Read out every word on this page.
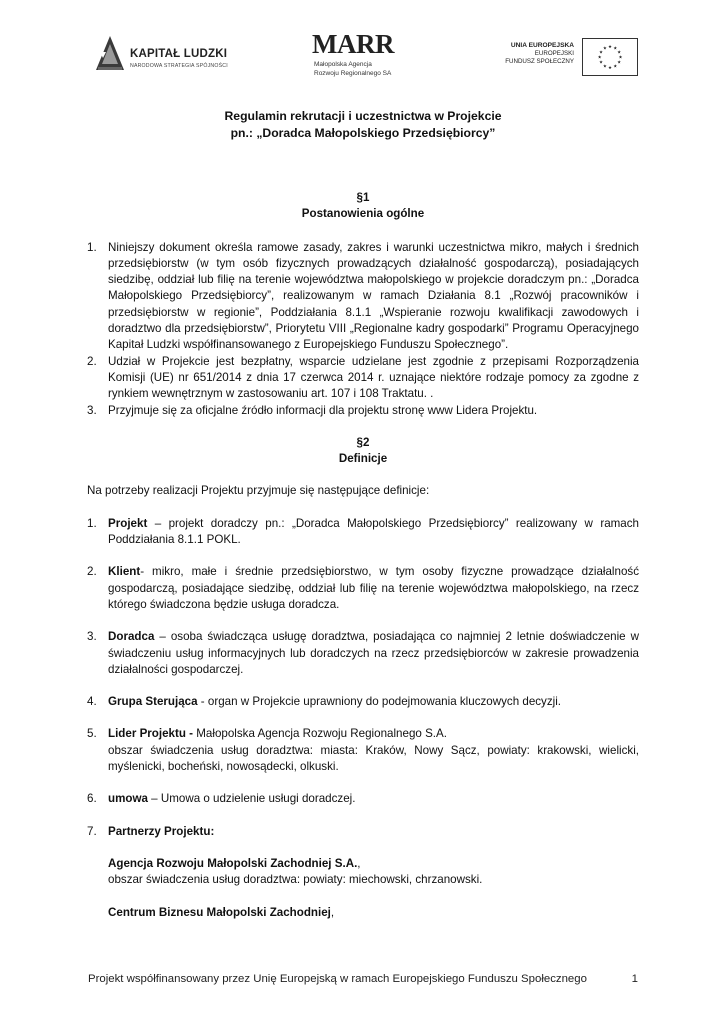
KAPITAŁ LUDZKI
NARODOWA STRATEGIA SPÓJNOŚCI
MARR
Małopolska Agencja
Rozwoju Regionalnego SA
UNIA EUROPEJSKA
EUROPEJSKI
FUNDUSZ SPOŁECZNY
★ ★
★
★
★
★
★
★
★
★
★
★
Regulamin rekrutacji i uczestnictwa w Projekcie
pn.: „Doradca Małopolskiego Przedsiębiorcy”
§1
Postanowienia ogólne
1. Niniejszy dokument określa ramowe zasady, zakres i warunki uczestnictwa mikro, małych i średnich przedsiębiorstw (w tym osób fizycznych prowadzących działalność gospodarczą), posiadających siedzibę, oddział lub filię na terenie województwa małopolskiego w projekcie doradczym pn.: „Doradca Małopolskiego Przedsiębiorcy”, realizowanym w ramach Działania 8.1 „Rozwój pracowników i przedsiębiorstw w regionie”, Poddziałania 8.1.1 „Wspieranie rozwoju kwalifikacji zawodowych i doradztwo dla przedsiębiorstw”, Priorytetu VIII „Regionalne kadry gospodarki” Programu Operacyjnego Kapitał Ludzki współfinansowanego z Europejskiego Funduszu Społecznego”.
2. Udział w Projekcie jest bezpłatny, wsparcie udzielane jest zgodnie z przepisami Rozporządzenia Komisji (UE) nr 651/2014 z dnia 17 czerwca 2014 r. uznające niektóre rodzaje pomocy za zgodne z rynkiem wewnętrznym w zastosowaniu art. 107 i 108 Traktatu. .
3. Przyjmuje się za oficjalne źródło informacji dla projektu stronę www Lidera Projektu.
§2
Definicje

Na potrzeby realizacji Projektu przyjmuje się następujące definicje:

1. Projekt – projekt doradczy pn.: „Doradca Małopolskiego Przedsiębiorcy” realizowany w ramach Poddziałania 8.1.1 POKL.
2. Klient- mikro, małe i średnie przedsiębiorstwo, w tym osoby fizyczne prowadzące działalność gospodarczą, posiadające siedzibę, oddział lub filię na terenie województwa małopolskiego, na rzecz którego świadczona będzie usługa doradcza.
3. Doradca – osoba świadcząca usługę doradztwa, posiadająca co najmniej 2 letnie doświadczenie w świadczeniu usług informacyjnych lub doradczych na rzecz przedsiębiorców w zakresie prowadzenia działalności gospodarczej.
4. Grupa Sterująca - organ w Projekcie uprawniony do podejmowania kluczowych decyzji.
5. Lider Projektu - Małopolska Agencja Rozwoju Regionalnego S.A.
obszar świadczenia usług doradztwa: miasta: Kraków, Nowy Sącz, powiaty: krakowski, wielicki, myślenicki, bocheński, nowosądecki, olkuski.
6. umowa – Umowa o udzielenie usługi doradczej.
7. Partnerzy Projektu:
Agencja Rozwoju Małopolski Zachodniej S.A.,
obszar świadczenia usług doradztwa: powiaty: miechowski, chrzanowski.
Centrum Biznesu Małopolski Zachodniej,
Projekt współfinansowany przez Unię Europejską w ramach Europejskiego Funduszu Społecznego	1
